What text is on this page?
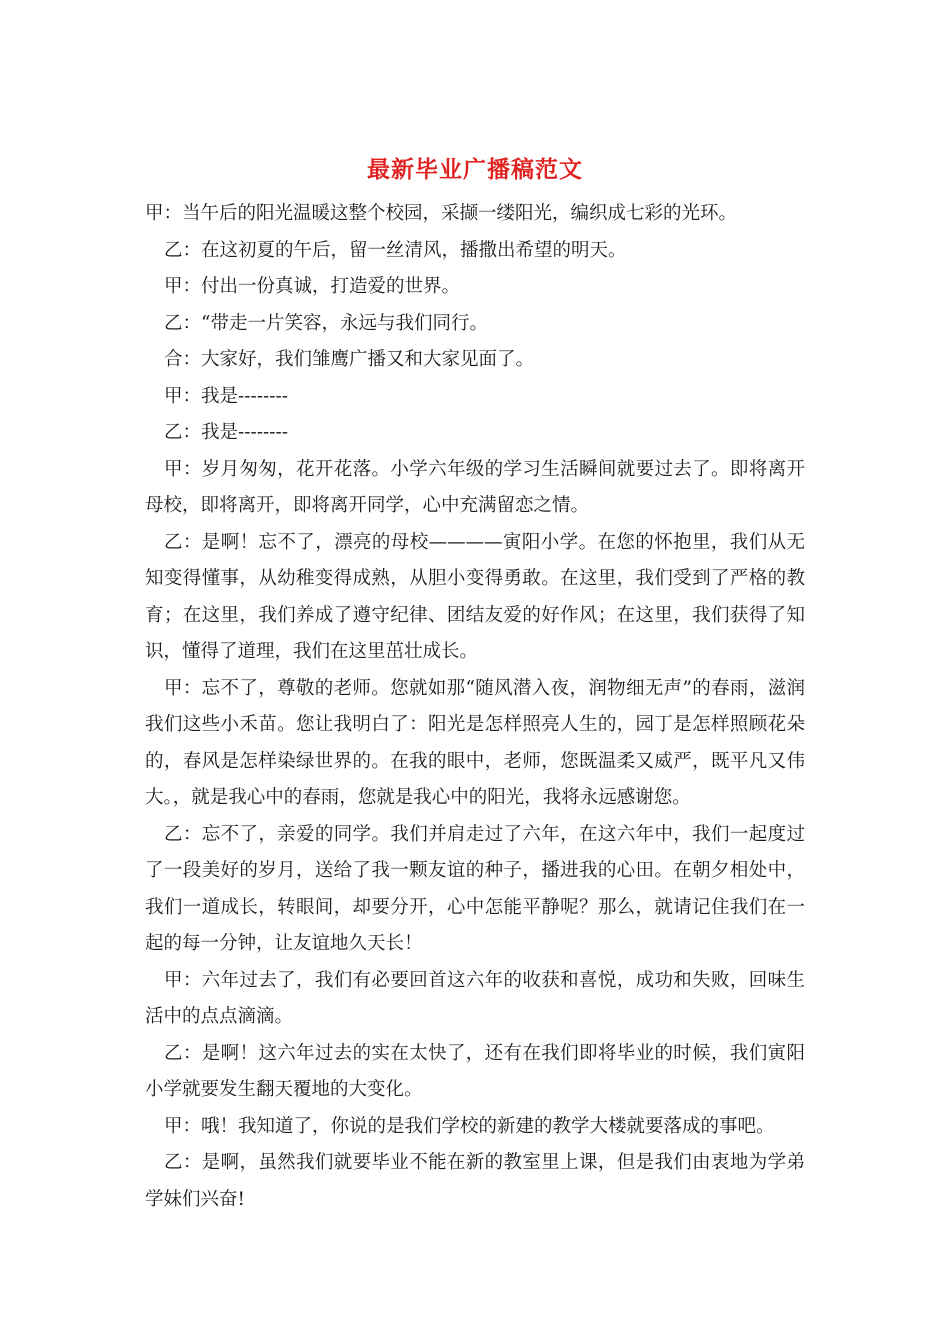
最新毕业广播稿范文

甲：当午后的阳光温暖这整个校园，采撷一缕阳光，编织成七彩的光环。

乙：在这初夏的午后，留一丝清风，播撒出希望的明天。

甲：付出一份真诚，打造爱的世界。

乙：“带走一片笑容，永远与我们同行。

合：大家好，我们雏鹰广播又和大家见面了。

甲：我是--------

乙：我是--------

甲：岁月匆匆，花开花落。小学六年级的学习生活瞬间就要过去了。即将离开母校，即将离开，即将离开同学，心中充满留恋之情。

乙：是啊！忘不了，漂亮的母校————寅阳小学。在您的怀抱里，我们从无知变得懂事，从幼稚变得成熟，从胆小变得勇敢。在这里，我们受到了严格的教育；在这里，我们养成了遵守纪律、团结友爱的好作风；在这里，我们获得了知识，懂得了道理，我们在这里茁壮成长。

甲：忘不了，尊敬的老师。您就如那“随风潜入夜，润物细无声”的春雨，滋润我们这些小禾苗。您让我明白了：阳光是怎样照亮人生的，园丁是怎样照顾花朵的，春风是怎样染绿世界的。在我的眼中，老师，您既温柔又威严，既平凡又伟大。，就是我心中的春雨，您就是我心中的阳光，我将永远感谢您。

乙：忘不了，亲爱的同学。我们并肩走过了六年，在这六年中，我们一起度过了一段美好的岁月，送给了我一颗友谊的种子，播进我的心田。在朝夕相处中，我们一道成长，转眼间，却要分开，心中怎能平静呢？那么，就请记住我们在一起的每一分钟，让友谊地久天长！

甲：六年过去了，我们有必要回首这六年的收获和喜悦，成功和失败，回味生活中的点点滴滴。

乙：是啊！这六年过去的实在太快了，还有在我们即将毕业的时候，我们寅阳小学就要发生翻天覆地的大变化。

甲：哦！我知道了，你说的是我们学校的新建的教学大楼就要落成的事吧。

乙：是啊，虽然我们就要毕业不能在新的教室里上课，但是我们由衷地为学弟学妹们兴奋!
